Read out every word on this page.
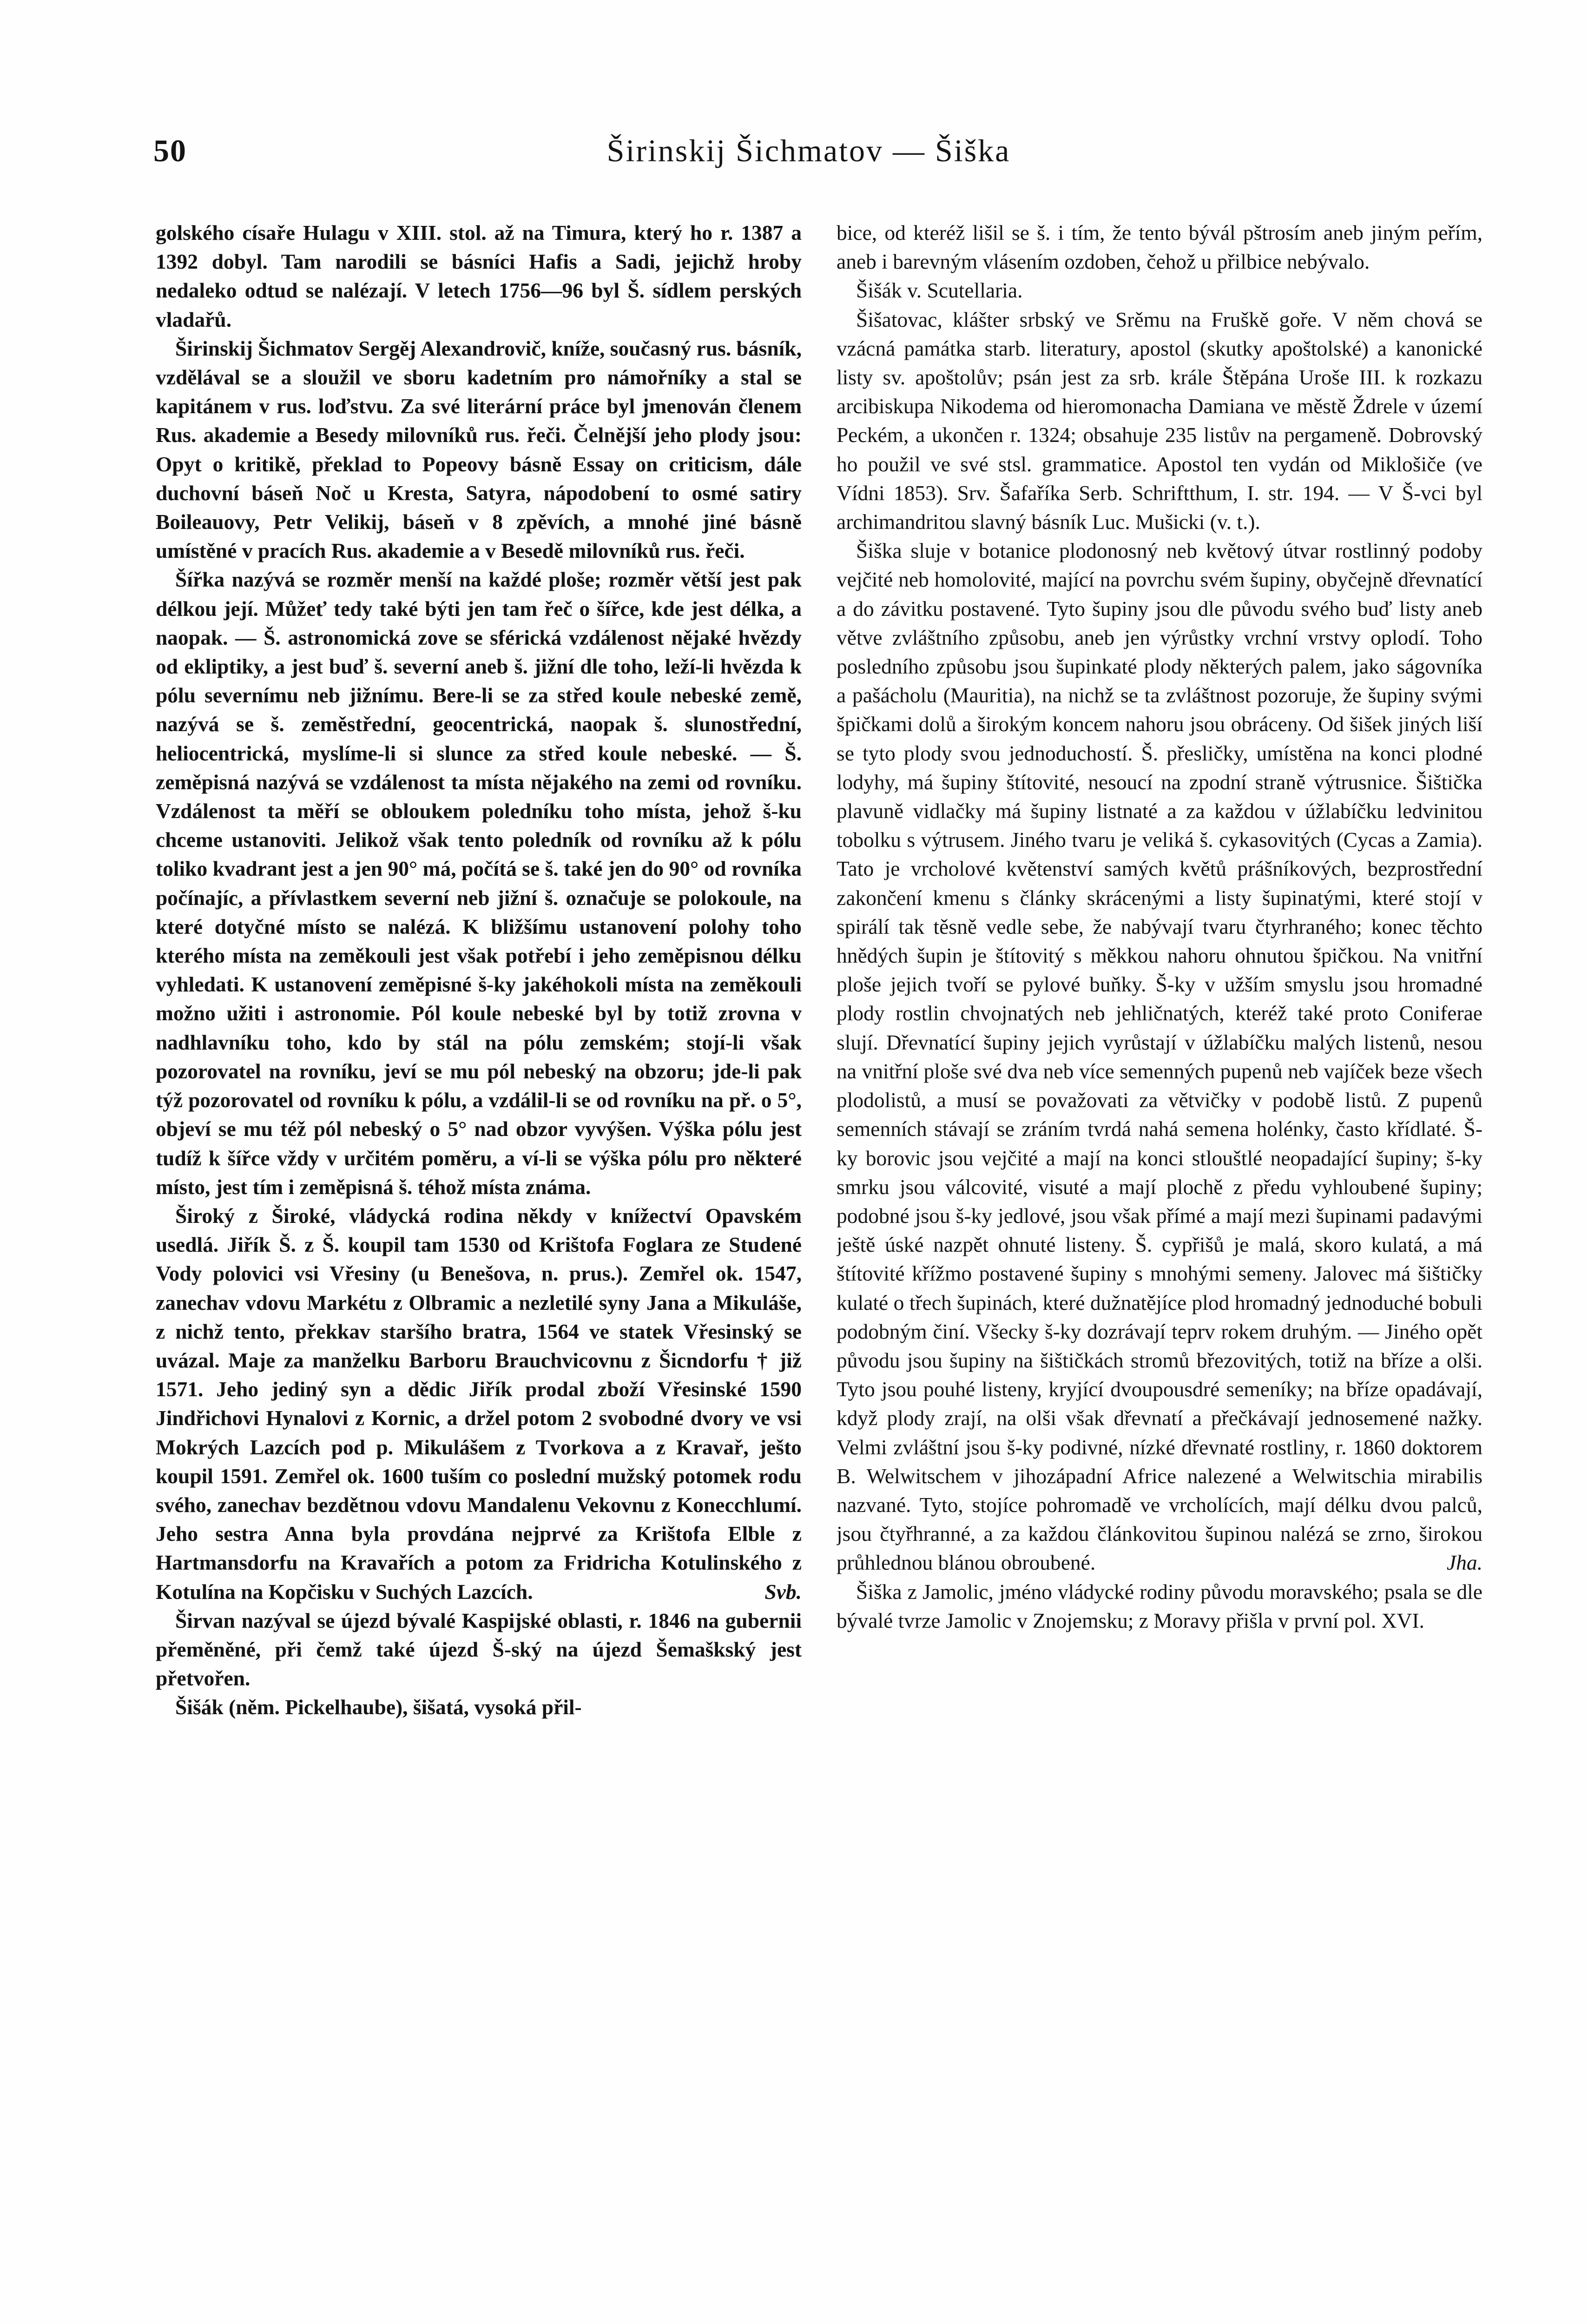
50	Širinskij Šichmatov — Šiška

golského císaře Hulagu v XIII. stol. až na Timura, který ho r. 1387 a 1392 dobyl. Tam narodili se básníci Hafis a Sadi, jejichž hroby nedaleko odtud se nalézají. V letech 1756—96 byl Š. sídlem perských vladařů.

Širinskij Šichmatov Sergěj Alexandrovič, kníže, současný rus. básník, vzdělával se a sloužil ve sboru kadetním pro námořníky a stal se kapitánem v rus. loďstvu. Za své literární práce byl jmenován členem Rus. akademie a Besedy milovníků rus. řeči. Čelnější jeho plody jsou: Opyt o kritikě, překlad to Popeovy básně Essay on criticism, dále duchovní báseň Noč u Kresta, Satyra, nápodobení to osmé satiry Boileauovy, Petr Velikij, báseň v 8 zpěvích, a mnohé jiné básně umístěné v pracích Rus. akademie a v Besedě milovníků rus. řeči.

Šířka nazývá se rozměr menší na každé ploše; rozměr větší jest pak délkou její. Můžeť tedy také býti jen tam řeč o šířce, kde jest délka, a naopak. — Š. astronomická zove se sférická vzdálenost nějaké hvězdy od ekliptiky, a jest buď š. severní aneb š. jižní dle toho, leží-li hvězda k pólu severnímu neb jižnímu. Bere-li se za střed koule nebeské země, nazývá se š. zeměstřední, geocentrická, naopak š. slunostřední, heliocentrická, myslíme-li si slunce za střed koule nebeské. — Š. zeměpisná nazývá se vzdálenost ta místa nějakého na zemi od rovníku. Vzdálenost ta měří se obloukem poledníku toho místa, jehož š-ku chceme ustanoviti. Jelikož však tento poledník od rovníku až k pólu toliko kvadrant jest a jen 90° má, počítá se š. také jen do 90° od rovníka počínajíc, a přívlastkem severní neb jižní š. označuje se polokoule, na které dotyčné místo se nalézá. K bližšímu ustanovení polohy toho kterého místa na zeměkouli jest však potřebí i jeho zeměpisnou délku vyhledati. K ustanovení zeměpisné š-ky jakéhokoli místa na zeměkouli možno užiti i astronomie. Pól koule nebeské byl by totiž zrovna v nadhlavníku toho, kdo by stál na pólu zemském; stojí-li však pozorovatel na rovníku, jeví se mu pól nebeský na obzoru; jde-li pak týž pozorovatel od rovníku k pólu, a vzdálil-li se od rovníku na př. o 5°, objeví se mu též pól nebeský o 5° nad obzor vyvýšen. Výška pólu jest tudíž k šířce vždy v určitém poměru, a ví-li se výška pólu pro některé místo, jest tím i zeměpisná š. téhož místa známa.

Široký z Široké, vládycká rodina někdy v knížectví Opavském usedlá. Jiřík Š. z Š. koupil tam 1530 od Krištofa Foglara ze Studené Vody polovici vsi Vřesiny (u Benešova, n. prus.). Zemřel ok. 1547, zanechav vdovu Markétu z Olbramic a nezletilé syny Jana a Mikuláše, z nichž tento, překkav staršího bratra, 1564 ve statek Vřesinský se uvázal. Maje za manželku Barboru Brauchvicovnu z Šicndorfu † již 1571. Jeho jediný syn a dědic Jiřík prodal zboží Vřesinské 1590 Jindřichovi Hynalovi z Kornic, a držel potom 2 svobodné dvory ve vsi Mokrých Lazcích pod p. Mikulášem z Tvorkova a z Kravař, ješto koupil 1591. Zemřel ok. 1600 tuším co poslední mužský potomek rodu svého, zanechav bezdětnou vdovu Mandalenu Vekovnu z Konecchlumí. Jeho sestra Anna byla provdána nejprvé za Krištofa Elble z Hartmansdorfu na Kravařích a potom za Fridricha Kotulinského z Kotulína na Kopčisku v Suchých Lazcích.	Svb.

Širvan nazýval se újezd bývalé Kaspijské oblasti, r. 1846 na gubernii přeměněné, při čemž také újezd Š-ský na újezd Šemaškský jest přetvořen.

Šišák (něm. Pickelhaube), šišatá, vysoká přil-

bice, od kteréž lišil se š. i tím, že tento bývál pštrosím aneb jiným peřím, aneb i barevným vlásením ozdoben, čehož u přilbice nebývalo.

Šišák v. Scutellaria.

Šišatovac, klášter srbský ve Srěmu na Fruškě goře. V něm chová se vzácná památka starb. literatury, apostol (skutky apoštolské) a kanonické listy sv. apoštolův; psán jest za srb. krále Štěpána Uroše III. k rozkazu arcibiskupa Nikodema od hieromonacha Damiana ve městě Ždrele v území Peckém, a ukončen r. 1324; obsahuje 235 listův na pergameně. Dobrovský ho použil ve své stsl. grammatice. Apostol ten vydán od Miklošiče (ve Vídni 1853). Srv. Šafaříka Serb. Schriftthum, I. str. 194. — V Š-vci byl archimandritou slavný básník Luc. Mušicki (v. t.).

Šiška sluje v botanice plodonosný neb květový útvar rostlinný podoby vejčité neb homolovité, mající na povrchu svém šupiny, obyčejně dřevnatící a do závitku postavené. Tyto šupiny jsou dle původu svého buď listy aneb větve zvláštního způsobu, aneb jen výrůstky vrchní vrstvy oplodí. Toho posledního způsobu jsou šupinkaté plody některých palem, jako ságovníka a pašácholu (Mauritia), na nichž se ta zvláštnost pozoruje, že šupiny svými špičkami dolů a širokým koncem nahoru jsou obráceny. Od šišek jiných liší se tyto plody svou jednoduchostí. Š. přesličky, umístěna na konci plodné lodyhy, má šupiny štítovité, nesoucí na zpodní straně výtrusnice. Šištička plavuně vidlačky má šupiny listnaté a za každou v úžlabíčku ledvinitou tobolku s výtrusem. Jiného tvaru je veliká š. cykasovitých (Cycas a Zamia). Tato je vrcholové květenství samých květů prášníkových, bezprostřední zakončení kmenu s články skrácenými a listy šupinatými, které stojí v spirálí tak těsně vedle sebe, že nabývají tvaru čtyrhraného; konec těchto hnědých šupin je štítovitý s měkkou nahoru ohnutou špičkou. Na vnitřní ploše jejich tvoří se pylové buňky. Š-ky v užším smyslu jsou hromadné plody rostlin chvojnatých neb jehličnatých, kteréž také proto Coniferae slují. Dřevnatící šupiny jejich vyrůstají v úžlabíčku malých listenů, nesou na vnitřní ploše své dva neb více semenných pupenů neb vajíček beze všech plodolistů, a musí se považovati za větvičky v podobě listů. Z pupenů semenních stávají se zráním tvrdá nahá semena holénky, často křídlaté. Š-ky borovic jsou vejčité a mají na konci stlouštlé neopadající šupiny; š-ky smrku jsou válcovité, visuté a mají plochě z předu vyhloubené šupiny; podobné jsou š-ky jedlové, jsou však přímé a mají mezi šupinami padavými ještě úské nazpět ohnuté listeny. Š. cypřišů je malá, skoro kulatá, a má štítovité křížmo postavené šupiny s mnohými semeny. Jalovec má šištičky kulaté o třech šupinách, které dužnatějíce plod hromadný jednoduché bobuli podobným činí. Všecky š-ky dozrávají teprv rokem druhým. — Jiného opět původu jsou šupiny na šištičkách stromů březovitých, totiž na bříze a olši. Tyto jsou pouhé listeny, kryjící dvoupousdré semeníky; na bříze opadávají, když plody zrají, na olši však dřevnatí a přečkávají jednosemené nažky. Velmi zvláštní jsou š-ky podivné, nízké dřevnaté rostliny, r. 1860 doktorem B. Welwitschem v jihozápadní Africe nalezené a Welwitschia mirabilis nazvané. Tyto, stojíce pohromadě ve vrcholících, mají délku dvou palců, jsou čtyřhranné, a za každou článkovitou šupinou nalézá se zrno, širokou průhlednou blánou obroubené.	Jha.

Šiška z Jamolic, jméno vládycké rodiny původu moravského; psala se dle bývalé tvrze Jamolic v Znojemsku; z Moravy přišla v první pol. XVI.
